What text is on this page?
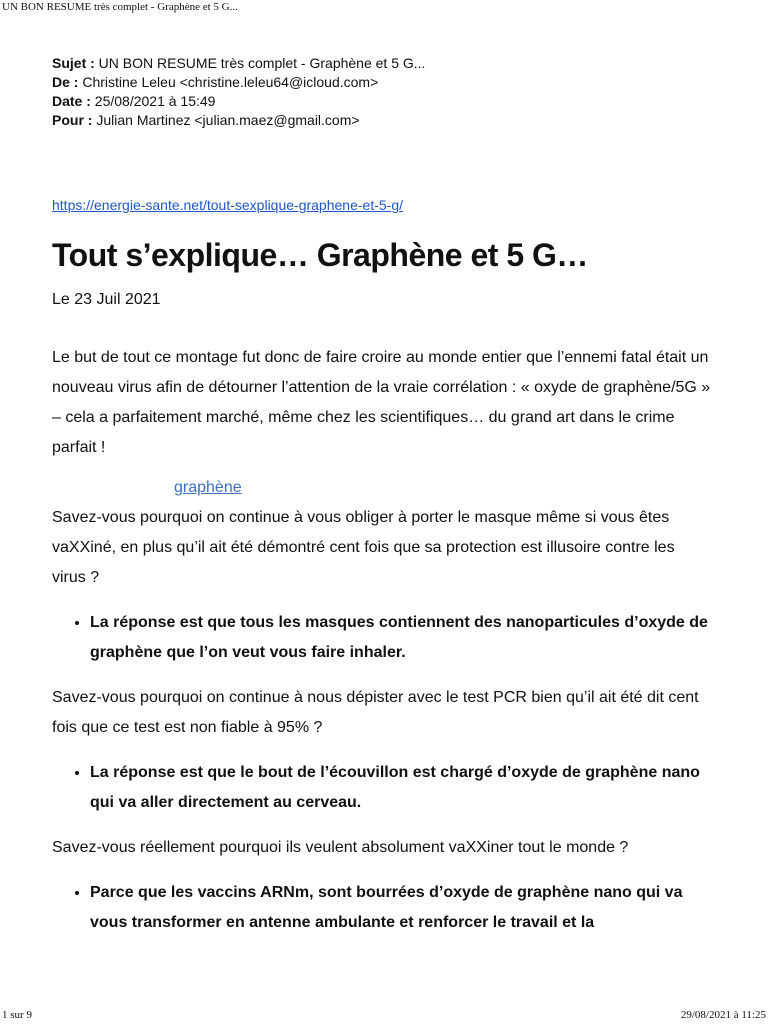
UN BON RESUME très complet - Graphène et 5 G...
Sujet : UN BON RESUME très complet - Graphène et 5 G...
De : Christine Leleu <christine.leleu64@icloud.com>
Date : 25/08/2021 à 15:49
Pour : Julian Martinez <julian.maez@gmail.com>
https://energie-sante.net/tout-sexplique-graphene-et-5-g/
Tout s’explique… Graphène et 5 G…
Le 23 Juil 2021

Le but de tout ce montage fut donc de faire croire au monde entier que l’ennemi fatal était un nouveau virus afin de détourner l’attention de la vraie corrélation : « oxyde de graphène/5G » – cela a parfaitement marché, même chez les scientifiques… du grand art dans le crime parfait !

graphène

Savez-vous pourquoi on continue à vous obliger à porter le masque même si vous êtes vaXXiné, en plus qu’il ait été démontré cent fois que sa protection est illusoire contre les virus ?

• La réponse est que tous les masques contiennent des nanoparticules d’oxyde de graphène que l’on veut vous faire inhaler.

Savez-vous pourquoi on continue à nous dépister avec le test PCR bien qu’il ait été dit cent fois que ce test est non fiable à 95% ?

• La réponse est que le bout de l’écouvillon est chargé d’oxyde de graphène nano qui va aller directement au cerveau.

Savez-vous réellement pourquoi ils veulent absolument vaXXiner tout le monde ?

• Parce que les vaccins ARNm, sont bourrées d’oxyde de graphène nano qui va vous transformer en antenne ambulante et renforcer le travail et la
1 sur 9	29/08/2021 à 11:25
